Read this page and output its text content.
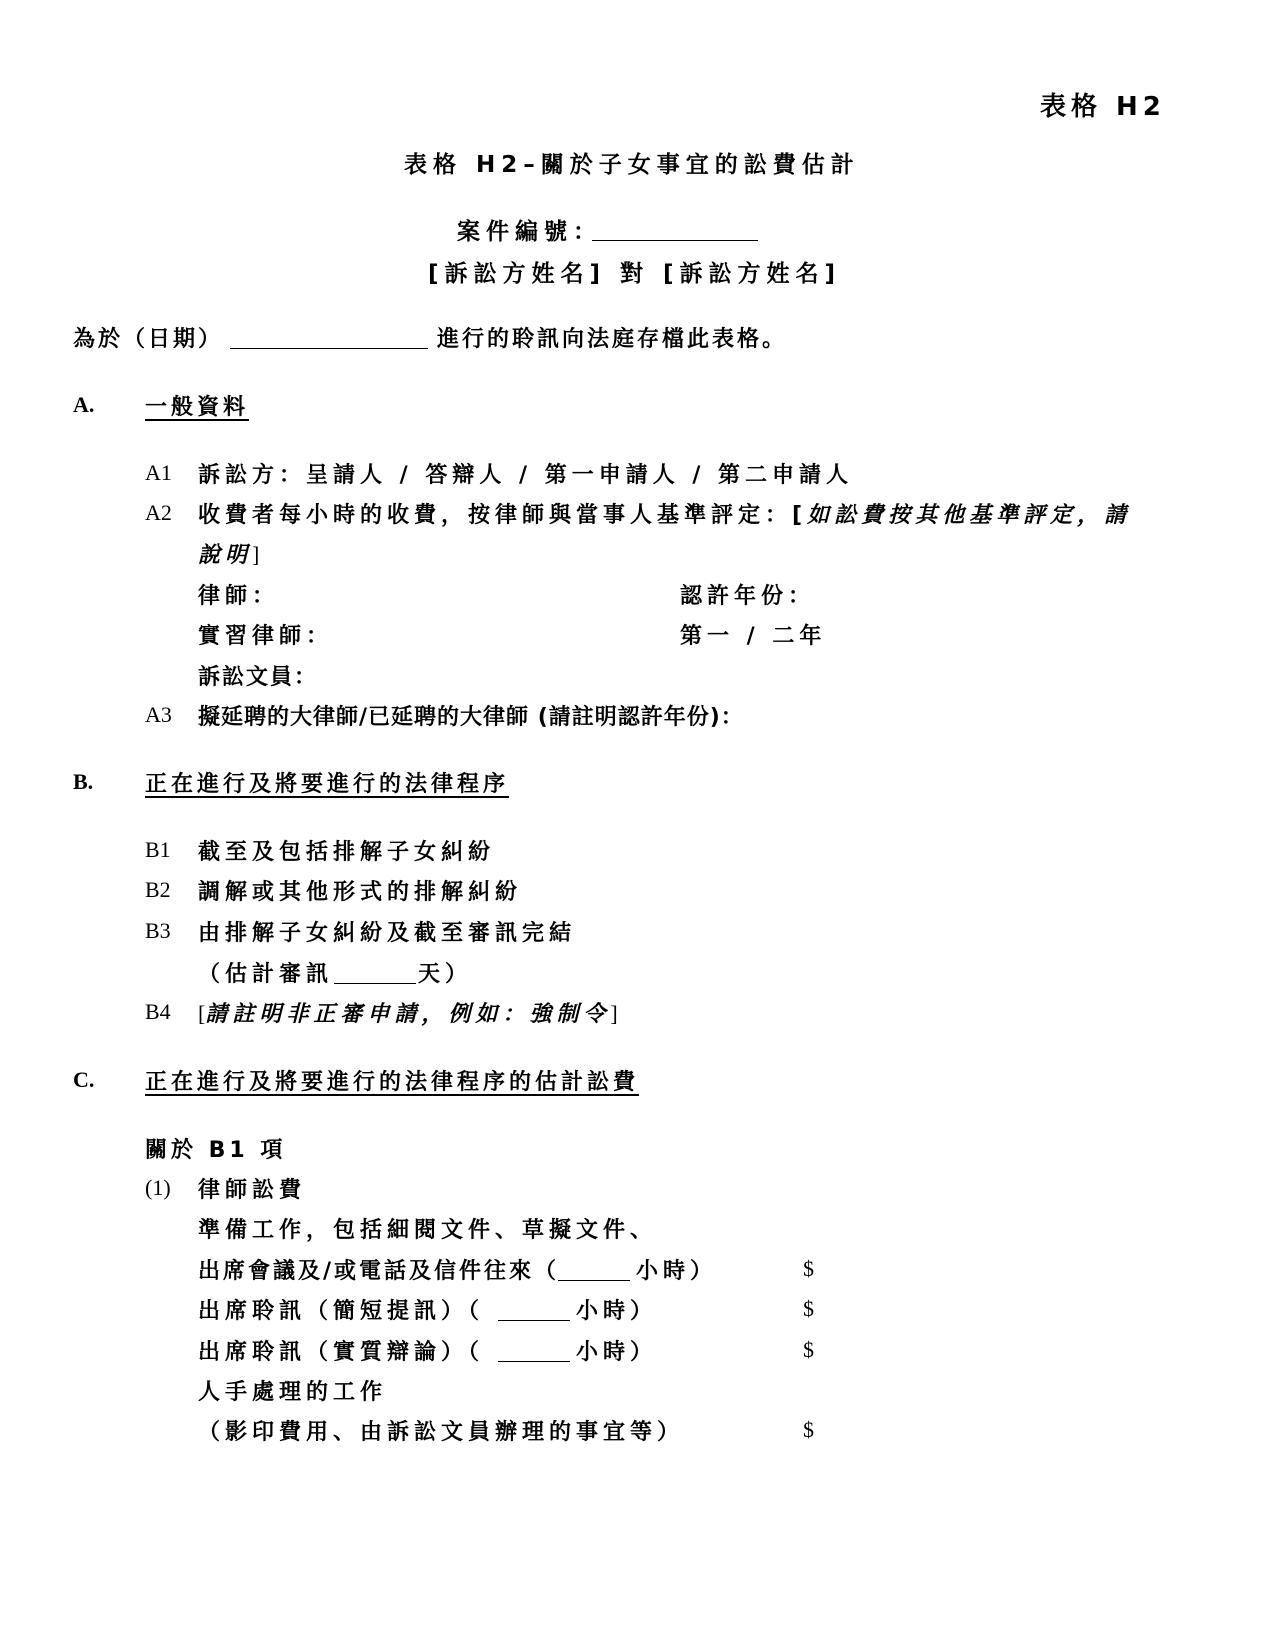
表格 H2
表格 H2–關於子女事宜的訟費估計
案件編號：
[訴訟方姓名] 對 [訴訟方姓名]
為於（日期）	進行的聆訊向法庭存檔此表格。
A. 一般資料
A1 訴訟方：呈請人 / 答辯人 / 第一申請人 / 第二申請人
A2 收費者每小時的收費，按律師與當事人基準評定：[如訟費按其他基準評定，請
說明]
律師：	認許年份：
實習律師：	第一 / 二年
訴訟文員：
A3 擬延聘的大律師/已延聘的大律師 (請註明認許年份)：
B. 正在進行及將要進行的法律程序
B1 截至及包括排解子女糾紛
B2 調解或其他形式的排解糾紛
B3 由排解子女糾紛及截至審訊完結
（估計審訊	天）
B4 [請註明非正審申請，例如：強制令]
C. 正在進行及將要進行的法律程序的估計訟費
關於 B1 項
(1) 律師訟費
準備工作，包括細閱文件、草擬文件、
出席會議及/或電話及信件往來（	小時）	$
出席聆訊（簡短提訊）（	小時）	$
出席聆訊（實質辯論）（	小時）	$
人手處理的工作
（影印費用、由訴訟文員辦理的事宜等）	$
